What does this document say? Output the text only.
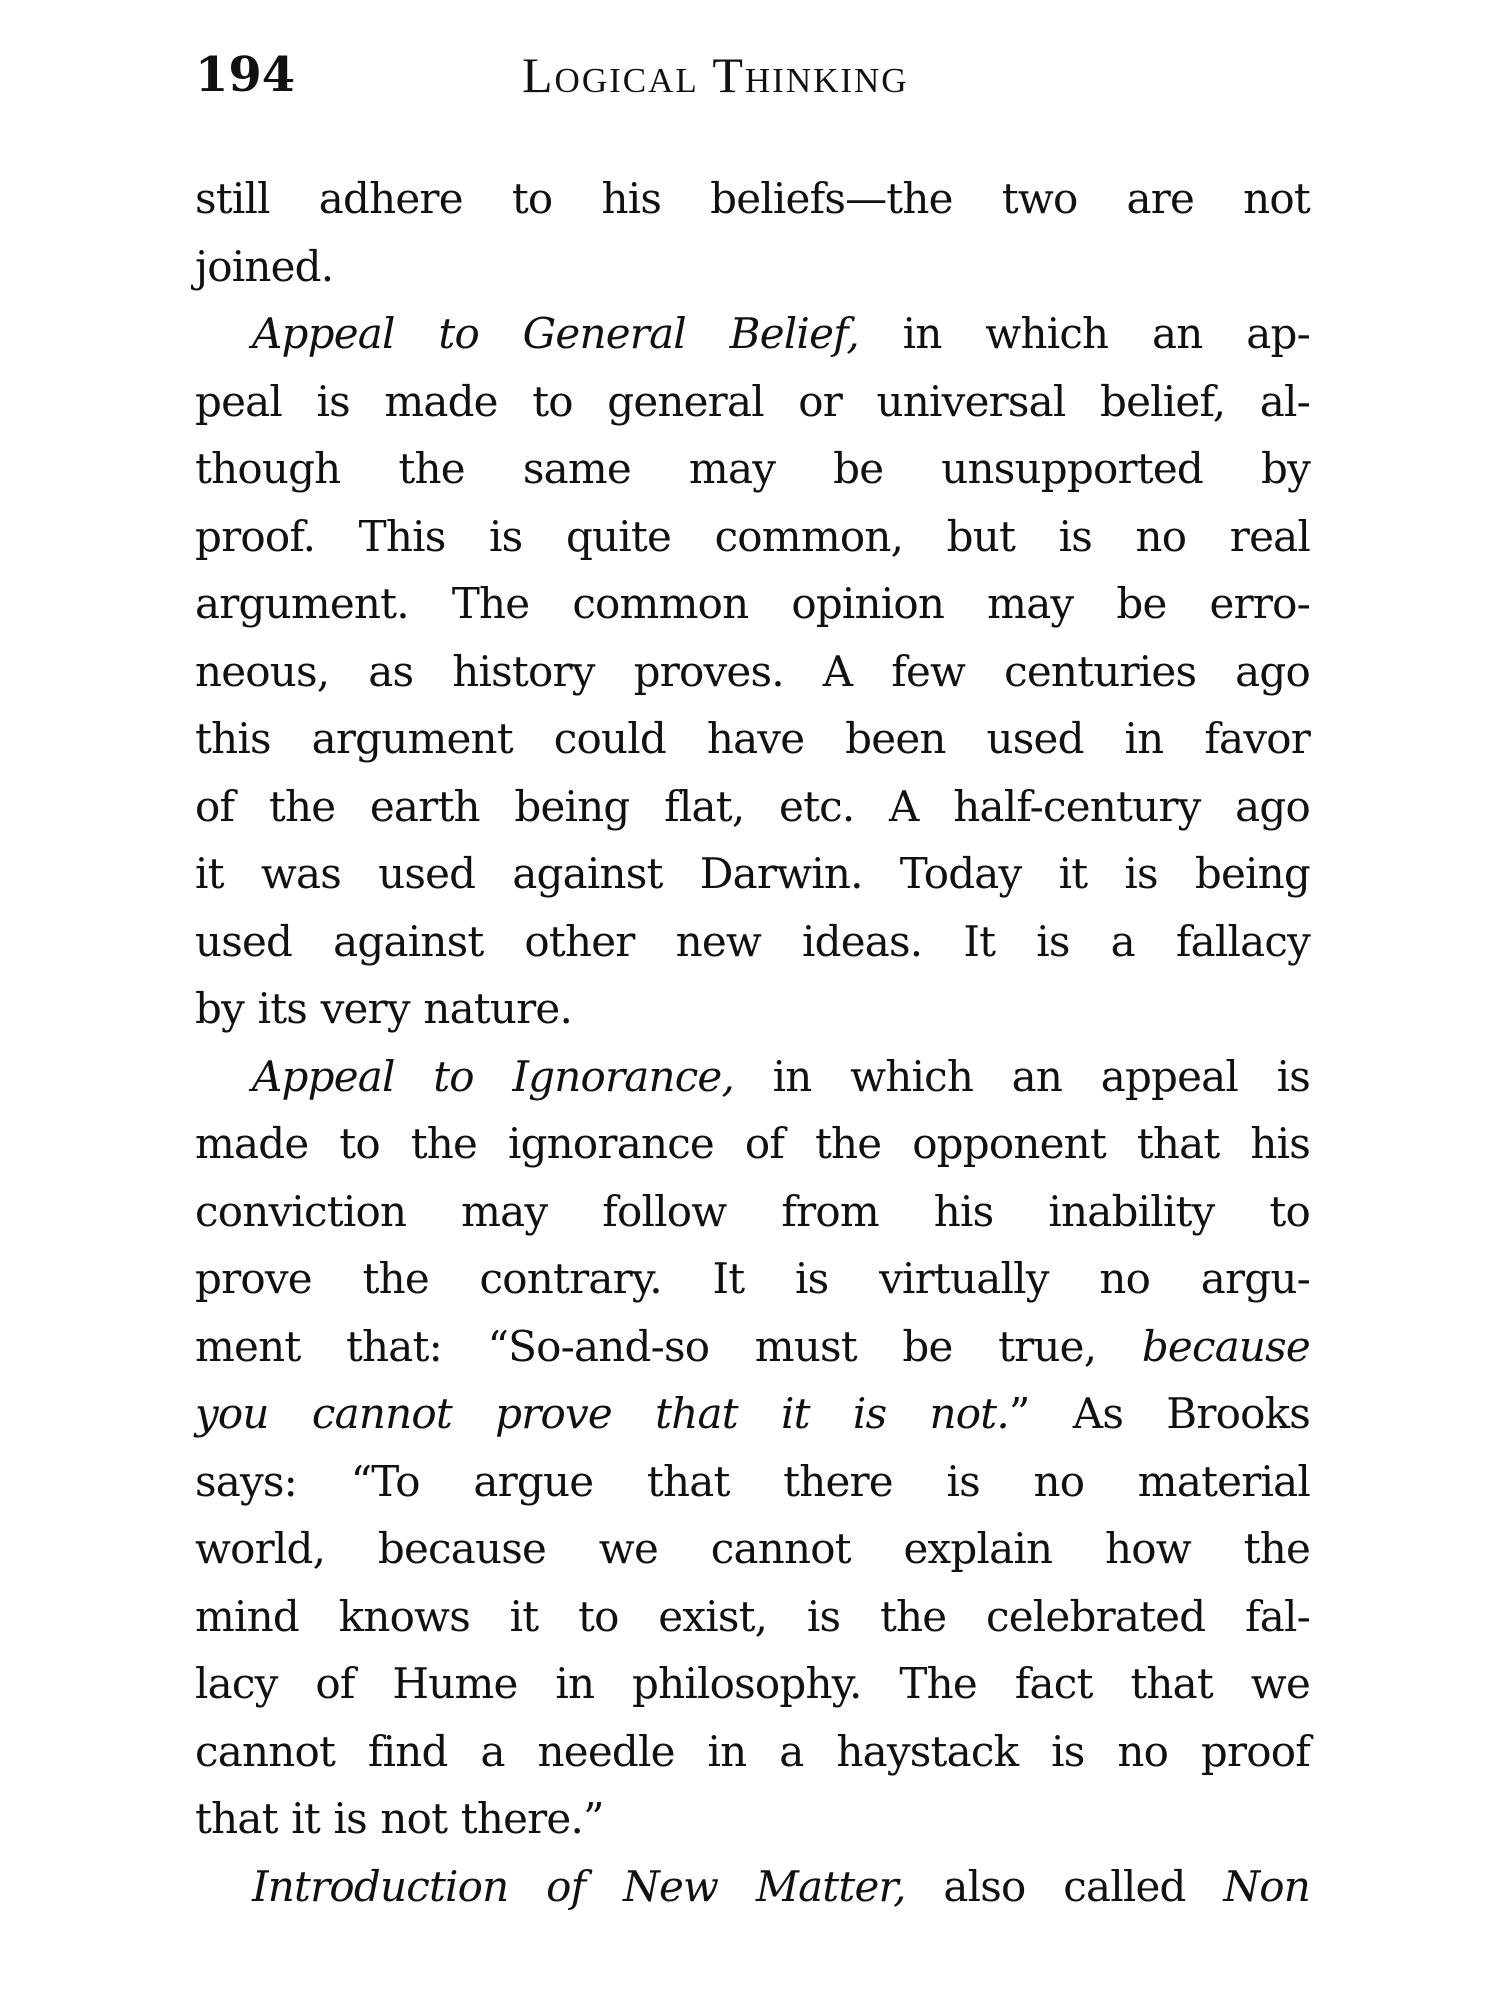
194	Logical Thinking

still adhere to his beliefs—the two are not
joined.

Appeal to General Belief, in which an ap-
peal is made to general or universal belief, al-
though the same may be unsupported by
proof. This is quite common, but is no real
argument. The common opinion may be erro-
neous, as history proves. A few centuries ago
this argument could have been used in favor
of the earth being flat, etc. A half-century ago
it was used against Darwin. Today it is being
used against other new ideas. It is a fallacy
by its very nature.

Appeal to Ignorance, in which an appeal is
made to the ignorance of the opponent that his
conviction may follow from his inability to
prove the contrary. It is virtually no argu-
ment that: “So-and-so must be true, because
you cannot prove that it is not.” As Brooks
says: “To argue that there is no material
world, because we cannot explain how the
mind knows it to exist, is the celebrated fal-
lacy of Hume in philosophy. The fact that we
cannot find a needle in a haystack is no proof
that it is not there.”

Introduction of New Matter, also called Non
